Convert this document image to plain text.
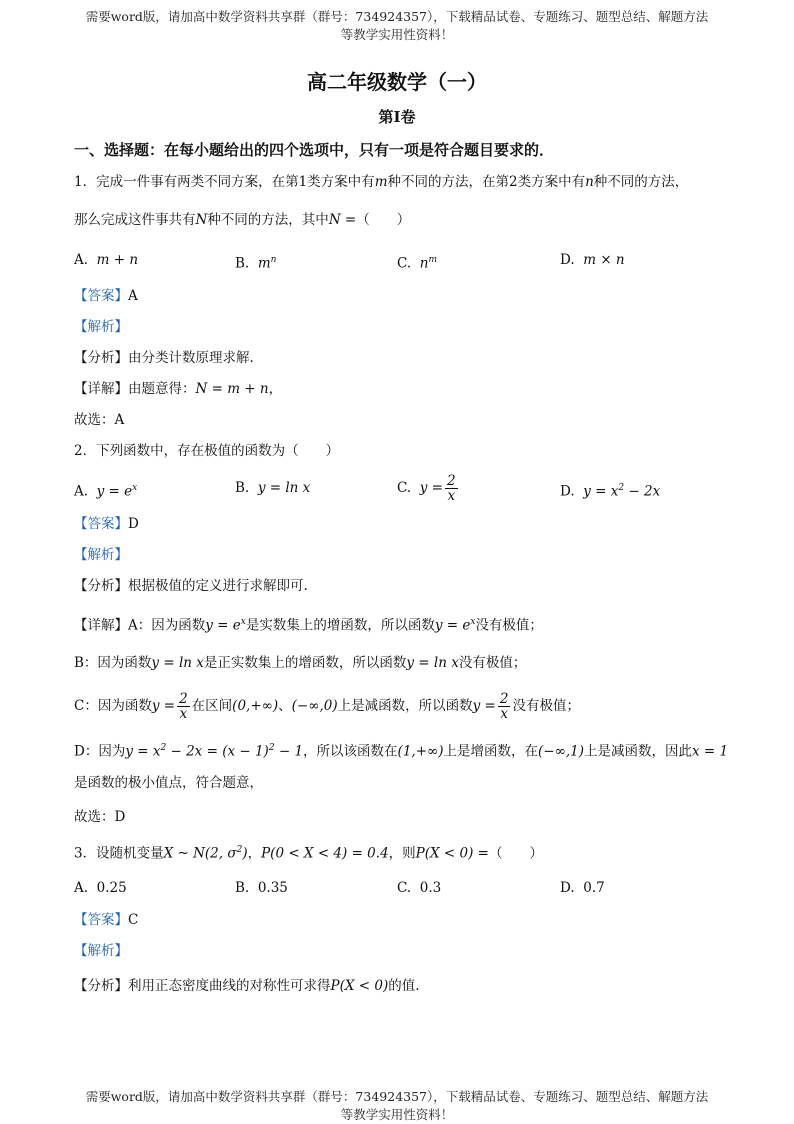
需要word版，请加高中数学资料共享群（群号：734924357），下载精品试卷、专题练习、题型总结、解题方法
等教学实用性资料！
高二年级数学（一）
第Ⅰ卷
一、选择题：在每小题给出的四个选项中，只有一项是符合题目要求的．
1．完成一件事有两类不同方案，在第1类方案中有m种不同的方法，在第2类方案中有n种不同的方法，
那么完成这件事共有N种不同的方法，其中N =（　　）
A. m + n	B. $m^n$	C. $n^m$	D. m × n
【答案】A
【解析】
【分析】由分类计数原理求解.
【详解】由题意得：N = m + n，
故选：A
2．下列函数中，存在极值的函数为（　　）
A. $y = e^x$	B. y = ln x	C. $y = \frac{2}{x}$	D. $y = x^2 - 2x$
【答案】D
【解析】
【分析】根据极值的定义进行求解即可.
【详解】A：因为函数$y = e^x$是实数集上的增函数，所以函数$y = e^x$没有极值；
B：因为函数y = ln x是正实数集上的增函数，所以函数y = ln x没有极值；
C：因为函数$y = \frac{2}{x}$ 在区间(0,+∞)、(−∞,0)上是减函数，所以函数$y = \frac{2}{x}$ 没有极值；
D：因为$y = x^2 - 2x = (x - 1)^2 - 1$，所以该函数在(1,+∞)上是增函数，在(−∞,1)上是减函数，因此x = 1
是函数的极小值点，符合题意，
故选：D
3．设随机变量X ~ N(2, $\sigma^2$)，P(0 < X < 4) = 0.4，则P(X < 0) =（　　）
A. 0.25	B. 0.35	C. 0.3	D. 0.7
【答案】C
【解析】
【分析】利用正态密度曲线的对称性可求得P(X < 0)的值.
需要word版，请加高中数学资料共享群（群号：734924357），下载精品试卷、专题练习、题型总结、解题方法
等教学实用性资料！
